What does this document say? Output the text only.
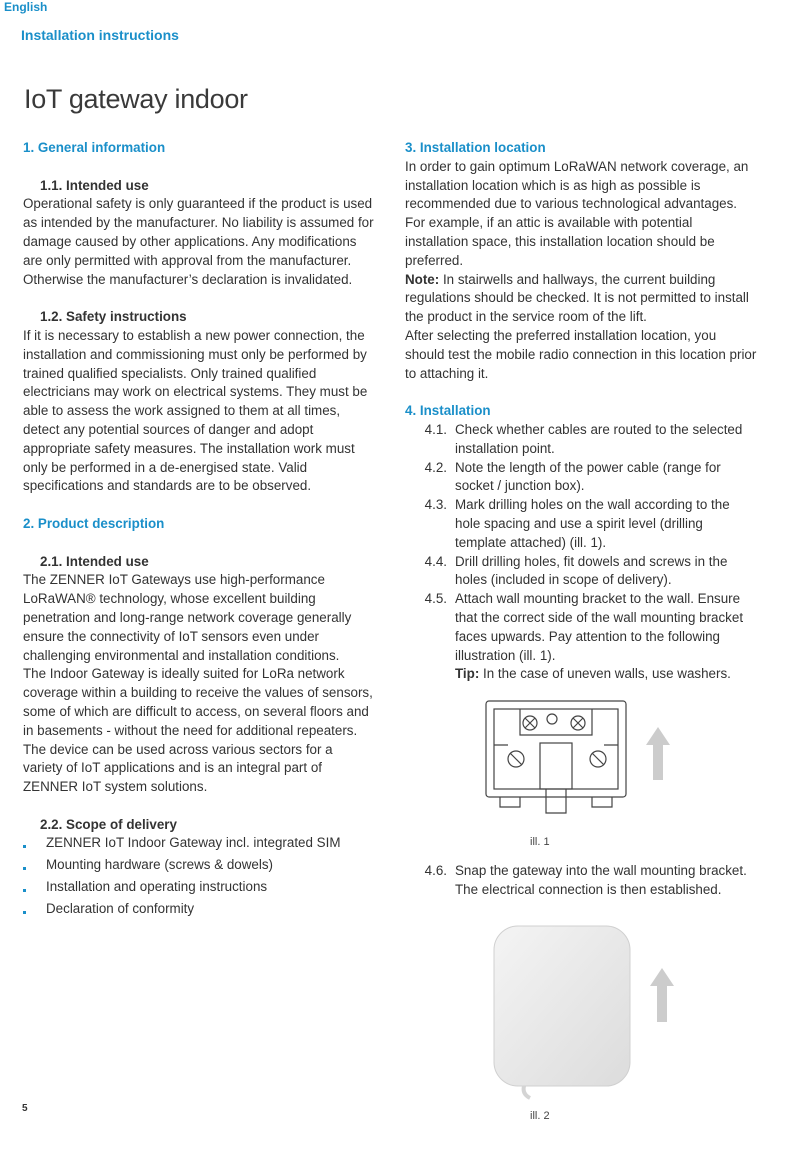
English
Installation instructions
IoT gateway indoor
1. General information
1.1. Intended use

Operational safety is only guaranteed if the product is used as intended by the manufacturer. No liability is assumed for damage caused by other applications. Any modifications are only permitted with approval from the manufacturer. Otherwise the manufacturer’s declaration is invalidated.

1.2. Safety instructions

If it is necessary to establish a new power connection, the installation and commissioning must only be performed by trained qualified specialists. Only trained qualified electricians may work on electrical systems. They must be able to assess the work assigned to them at all times, detect any potential sources of danger and adopt appropriate safety measures. The installation work must only be performed in a de-energised state. Valid specifications and standards are to be observed.

2. Product description
2.1. Intended use

The ZENNER IoT Gateways use high-performance LoRaWAN® technology, whose excellent building penetration and long-range network coverage generally ensure the connectivity of IoT sensors even under challenging environmental and installation conditions.

The Indoor Gateway is ideally suited for LoRa network coverage within a building to receive the values of sensors, some of which are difficult to access, on several floors and in basements - without the need for additional repeaters. The device can be used across various sectors for a variety of IoT applications and is an integral part of ZENNER IoT system solutions.

2.2. Scope of delivery
ZENNER IoT Indoor Gateway incl. integrated SIM
Mounting hardware (screws & dowels)
Installation and operating instructions
Declaration of conformity
3. Installation location

In order to gain optimum LoRaWAN network coverage, an installation location which is as high as possible is recommended due to various technological advantages. For example, if an attic is available with potential installation space, this installation location should be preferred.

Note: In stairwells and hallways, the current building regulations should be checked. It is not permitted to install the product in the service room of the lift.

After selecting the preferred installation location, you should test the mobile radio connection in this location prior to attaching it.

4. Installation
4.1. Check whether cables are routed to the selected installation point.
4.2. Note the length of the power cable (range for socket / junction box).
4.3. Mark drilling holes on the wall according to the hole spacing and use a spirit level (drilling template attached) (ill. 1).
4.4. Drill drilling holes, fit dowels and screws in the holes (included in scope of delivery).
4.5. Attach wall mounting bracket to the wall. Ensure that the correct side of the wall mounting bracket faces upwards. Pay attention to the following illustration (ill. 1).
Tip: In the case of uneven walls, use washers.
4.6. Snap the gateway into the wall mounting bracket. The electrical connection is then established.
ill. 1
ill. 2
5
